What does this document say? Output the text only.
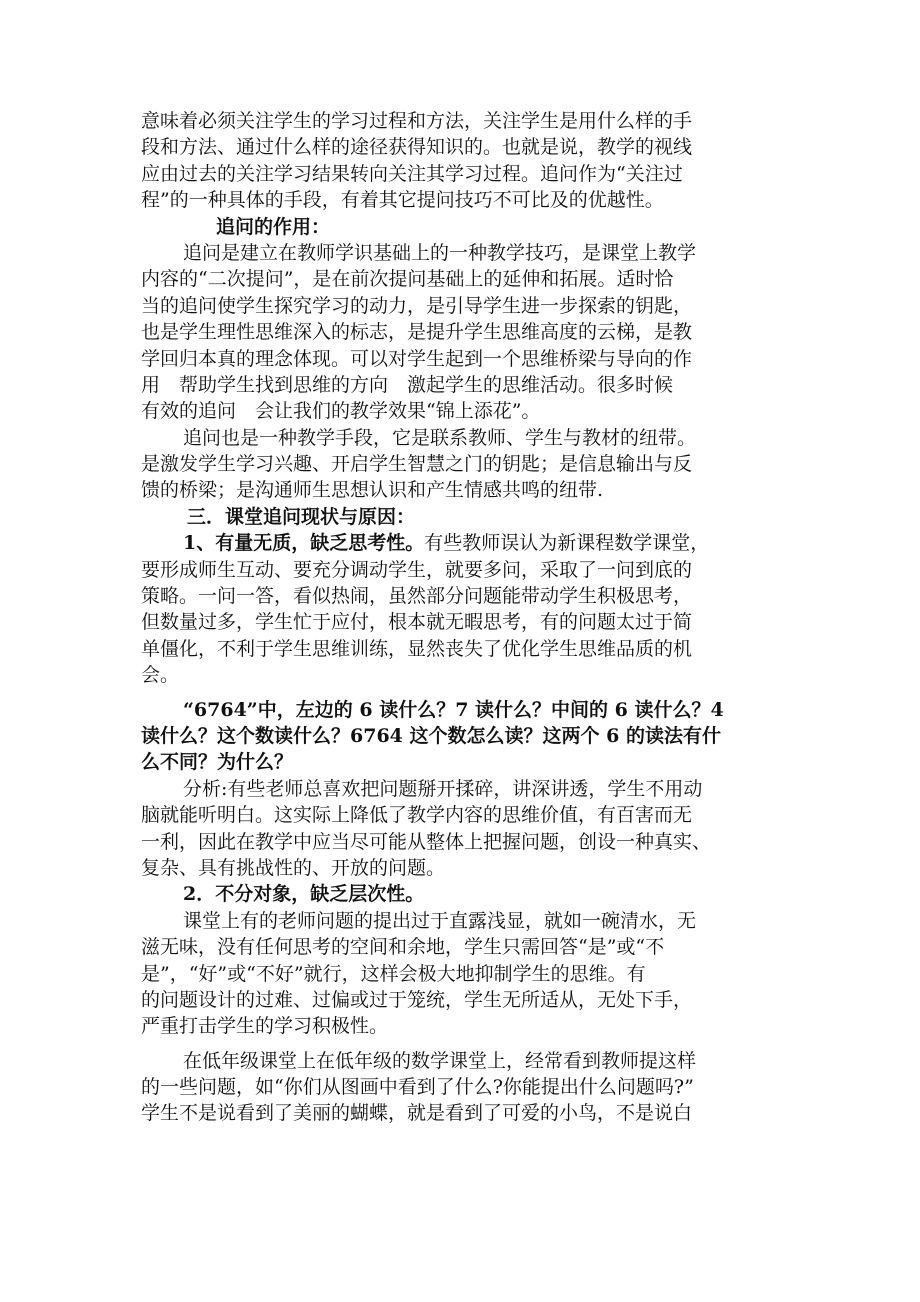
意味着必须关注学生的学习过程和方法，关注学生是用什么样的手
段和方法、通过什么样的途径获得知识的。也就是说，教学的视线
应由过去的关注学习结果转向关注其学习过程。追问作为“关注过
程”的一种具体的手段，有着其它提问技巧不可比及的优越性。
追问的作用：
追问是建立在教师学识基础上的一种教学技巧，是课堂上教学
内容的“二次提问”，是在前次提问基础上的延伸和拓展。适时恰
当的追问使学生探究学习的动力，是引导学生进一步探索的钥匙，
也是学生理性思维深入的标志，是提升学生思维高度的云梯，是教
学回归本真的理念体现。可以对学生起到一个思维桥梁与导向的作
用　帮助学生找到思维的方向　激起学生的思维活动。很多时候
有效的追问　会让我们的教学效果“锦上添花”。
追问也是一种教学手段，它是联系教师、学生与教材的纽带。
是激发学生学习兴趣、开启学生智慧之门的钥匙；是信息输出与反
馈的桥梁；是沟通师生思想认识和产生情感共鸣的纽带.
三．课堂追问现状与原因：
1、有量无质，缺乏思考性。有些教师误认为新课程数学课堂，
要形成师生互动、要充分调动学生，就要多问，采取了一问到底的
策略。一问一答，看似热闹，虽然部分问题能带动学生积极思考，
但数量过多，学生忙于应付，根本就无暇思考，有的问题太过于简
单僵化，不利于学生思维训练，显然丧失了优化学生思维品质的机
会。
“6764”中，左边的 6 读什么？7 读什么？中间的 6 读什么？4
读什么？这个数读什么？6764 这个数怎么读？这两个 6 的读法有什
么不同？为什么？
分析:有些老师总喜欢把问题掰开揉碎，讲深讲透，学生不用动
脑就能听明白。这实际上降低了教学内容的思维价值，有百害而无
一利，因此在教学中应当尽可能从整体上把握问题，创设一种真实、
复杂、具有挑战性的、开放的问题。
2．不分对象，缺乏层次性。
课堂上有的老师问题的提出过于直露浅显，就如一碗清水，无
滋无味，没有任何思考的空间和余地，学生只需回答“是”或“不
是”，“好”或“不好”就行，这样会极大地抑制学生的思维。有
的问题设计的过难、过偏或过于笼统，学生无所适从，无处下手，
严重打击学生的学习积极性。
在低年级课堂上在低年级的数学课堂上，经常看到教师提这样
的一些问题，如“你们从图画中看到了什么?你能提出什么问题吗?”
学生不是说看到了美丽的蝴蝶，就是看到了可爱的小鸟，不是说白
